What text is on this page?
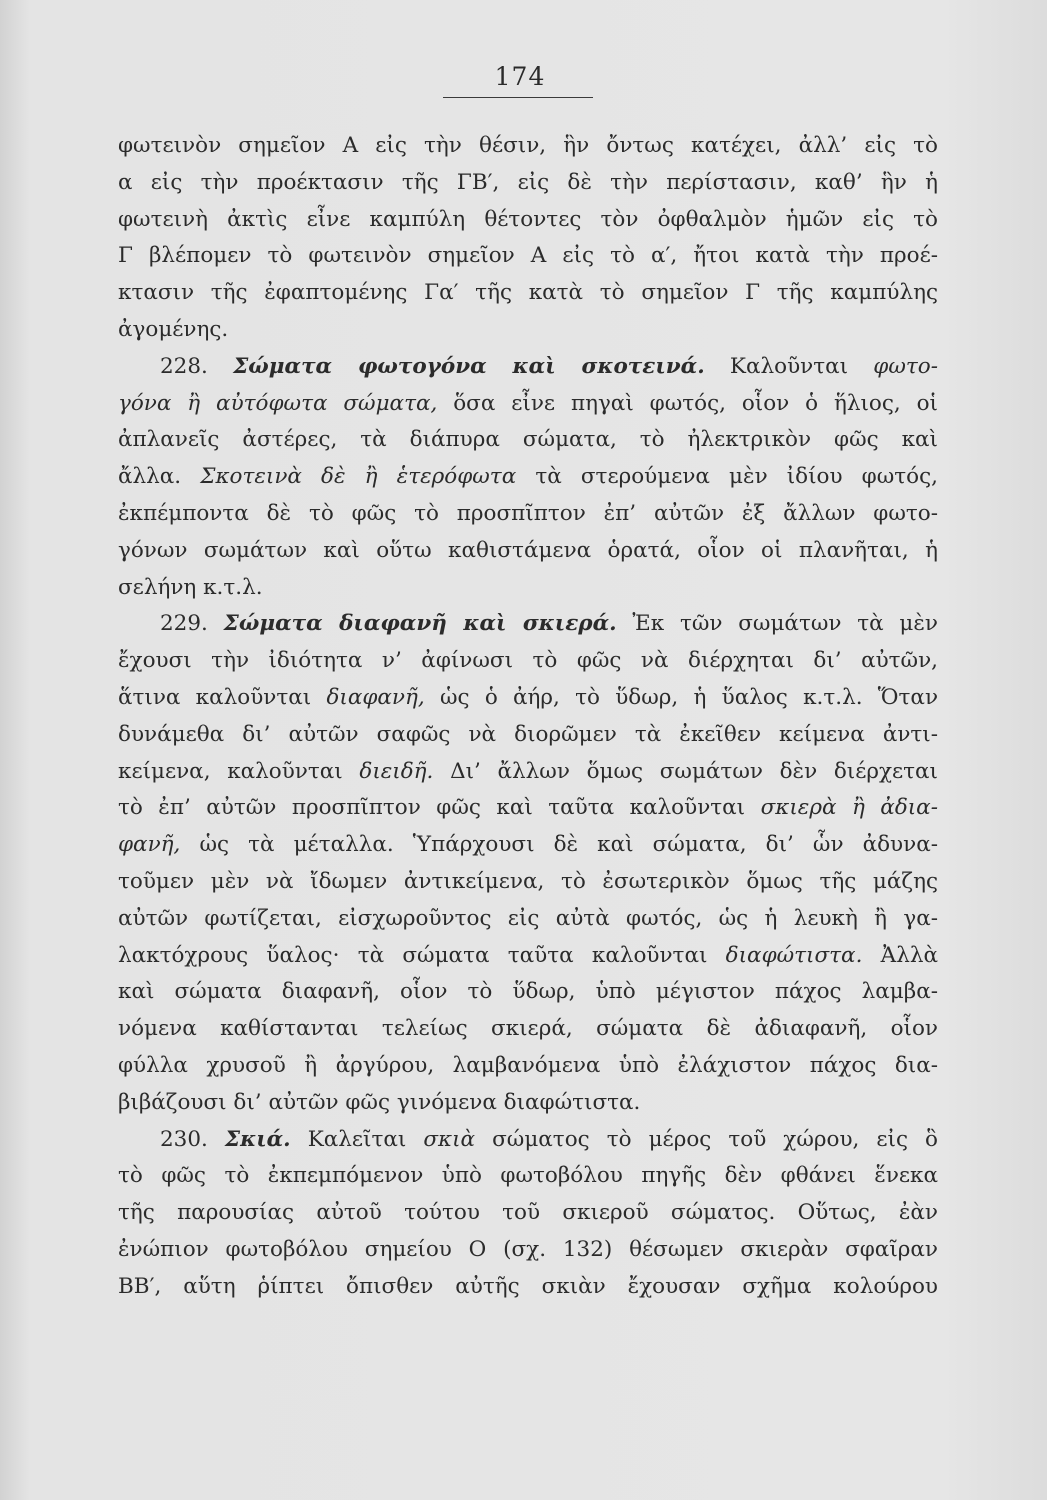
174
φωτεινὸν σημεῖον Α εἰς τὴν θέσιν, ἣν ὄντως κατέχει, ἀλλ’ εἰς τὸ
α εἰς τὴν προέκτασιν τῆς ΓΒ′, εἰς δὲ τὴν περίστασιν, καθ’ ἣν ἡ
φωτεινὴ ἀκτὶς εἶνε καμπύλη θέτοντες τὸν ὀφθαλμὸν ἡμῶν εἰς τὸ
Γ βλέπομεν τὸ φωτεινὸν σημεῖον Α εἰς τὸ α′, ἤτοι κατὰ τὴν προέ-
κτασιν τῆς ἐφαπτομένης Γα′ τῆς κατὰ τὸ σημεῖον Γ τῆς καμπύλης
ἀγομένης.
228. Σώματα φωτογόνα καὶ σκοτεινά. Καλοῦνται φωτο-
γόνα ἢ αὐτόφωτα σώματα, ὅσα εἶνε πηγαὶ φωτός, οἷον ὁ ἥλιος, οἱ
ἀπλανεῖς ἀστέρες, τὰ διάπυρα σώματα, τὸ ἠλεκτρικὸν φῶς καὶ
ἄλλα. Σκοτεινὰ δὲ ἢ ἑτερόφωτα τὰ στερούμενα μὲν ἰδίου φωτός,
ἐκπέμποντα δὲ τὸ φῶς τὸ προσπῖπτον ἐπ’ αὐτῶν ἐξ ἄλλων φωτο-
γόνων σωμάτων καὶ οὕτω καθιστάμενα ὁρατά, οἷον οἱ πλανῆται, ἡ
σελήνη κ.τ.λ.
229. Σώματα διαφανῆ καὶ σκιερά. Ἐκ τῶν σωμάτων τὰ μὲν
ἔχουσι τὴν ἰδιότητα ν’ ἀφίνωσι τὸ φῶς νὰ διέρχηται δι’ αὐτῶν,
ἅτινα καλοῦνται διαφανῆ, ὡς ὁ ἀήρ, τὸ ὕδωρ, ἡ ὕαλος κ.τ.λ. Ὅταν
δυνάμεθα δι’ αὐτῶν σαφῶς νὰ διορῶμεν τὰ ἐκεῖθεν κείμενα ἀντι-
κείμενα, καλοῦνται διειδῆ. Δι’ ἄλλων ὅμως σωμάτων δὲν διέρχεται
τὸ ἐπ’ αὐτῶν προσπῖπτον φῶς καὶ ταῦτα καλοῦνται σκιερὰ ἢ ἀδια-
φανῆ, ὡς τὰ μέταλλα. Ὑπάρχουσι δὲ καὶ σώματα, δι’ ὧν ἀδυνα-
τοῦμεν μὲν νὰ ἴδωμεν ἀντικείμενα, τὸ ἐσωτερικὸν ὅμως τῆς μάζης
αὐτῶν φωτίζεται, εἰσχωροῦντος εἰς αὐτὰ φωτός, ὡς ἡ λευκὴ ἢ γα-
λακτόχρους ὕαλος· τὰ σώματα ταῦτα καλοῦνται διαφώτιστα. Ἀλλὰ
καὶ σώματα διαφανῆ, οἷον τὸ ὕδωρ, ὑπὸ μέγιστον πάχος λαμβα-
νόμενα καθίστανται τελείως σκιερά, σώματα δὲ ἀδιαφανῆ, οἷον
φύλλα χρυσοῦ ἢ ἀργύρου, λαμβανόμενα ὑπὸ ἐλάχιστον πάχος δια-
βιβάζουσι δι’ αὐτῶν φῶς γινόμενα διαφώτιστα.
230. Σκιά. Καλεῖται σκιὰ σώματος τὸ μέρος τοῦ χώρου, εἰς ὃ
τὸ φῶς τὸ ἐκπεμπόμενον ὑπὸ φωτοβόλου πηγῆς δὲν φθάνει ἕνεκα
τῆς παρουσίας αὐτοῦ τούτου τοῦ σκιεροῦ σώματος. Οὕτως, ἐὰν
ἐνώπιον φωτοβόλου σημείου Ο (σχ. 132) θέσωμεν σκιερὰν σφαῖραν
ΒΒ′, αὕτη ῥίπτει ὄπισθεν αὐτῆς σκιὰν ἔχουσαν σχῆμα κολούρου
